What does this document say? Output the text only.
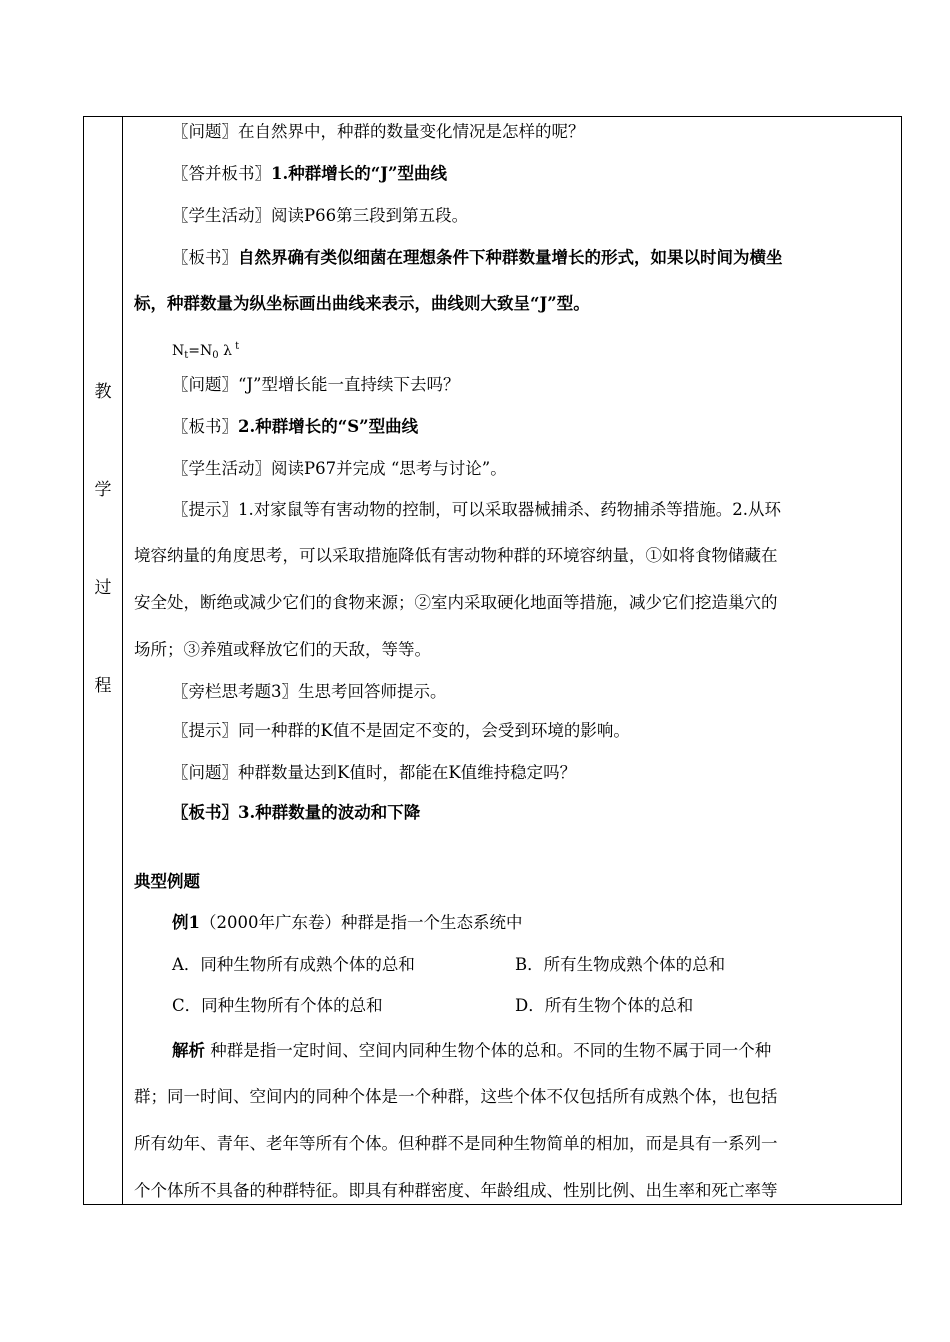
教
学
过
程
〖问题〗在自然界中，种群的数量变化情况是怎样的呢？
〖答并板书〗1.种群增长的“J”型曲线
〖学生活动〗阅读P66第三段到第五段。
〖板书〗自然界确有类似细菌在理想条件下种群数量增长的形式，如果以时间为横坐
标，种群数量为纵坐标画出曲线来表示，曲线则大致呈“J”型。
$N_t=N_0$ λ $^t$
〖问题〗“J”型增长能一直持续下去吗？
〖板书〗2.种群增长的“S”型曲线
〖学生活动〗阅读P67并完成 “思考与讨论”。
〖提示〗1.对家鼠等有害动物的控制，可以采取器械捕杀、药物捕杀等措施。2.从环
境容纳量的角度思考，可以采取措施降低有害动物种群的环境容纳量，①如将食物储藏在
安全处，断绝或减少它们的食物来源；②室内采取硬化地面等措施，减少它们挖造巢穴的
场所；③养殖或释放它们的天敌，等等。
〖旁栏思考题3〗生思考回答师提示。
〖提示〗同一种群的K值不是固定不变的，会受到环境的影响。
〖问题〗种群数量达到K值时，都能在K值维持稳定吗？
〖板书〗3.种群数量的波动和下降
典型例题
例1（2000年广东卷）种群是指一个生态系统中
A．同种生物所有成熟个体的总和	B．所有生物成熟个体的总和
C．同种生物所有个体的总和	D．所有生物个体的总和
解析 种群是指一定时间、空间内同种生物个体的总和。不同的生物不属于同一个种
群；同一时间、空间内的同种个体是一个种群，这些个体不仅包括所有成熟个体，也包括
所有幼年、青年、老年等所有个体。但种群不是同种生物简单的相加，而是具有一系列一
个个体所不具备的种群特征。即具有种群密度、年龄组成、性别比例、出生率和死亡率等
